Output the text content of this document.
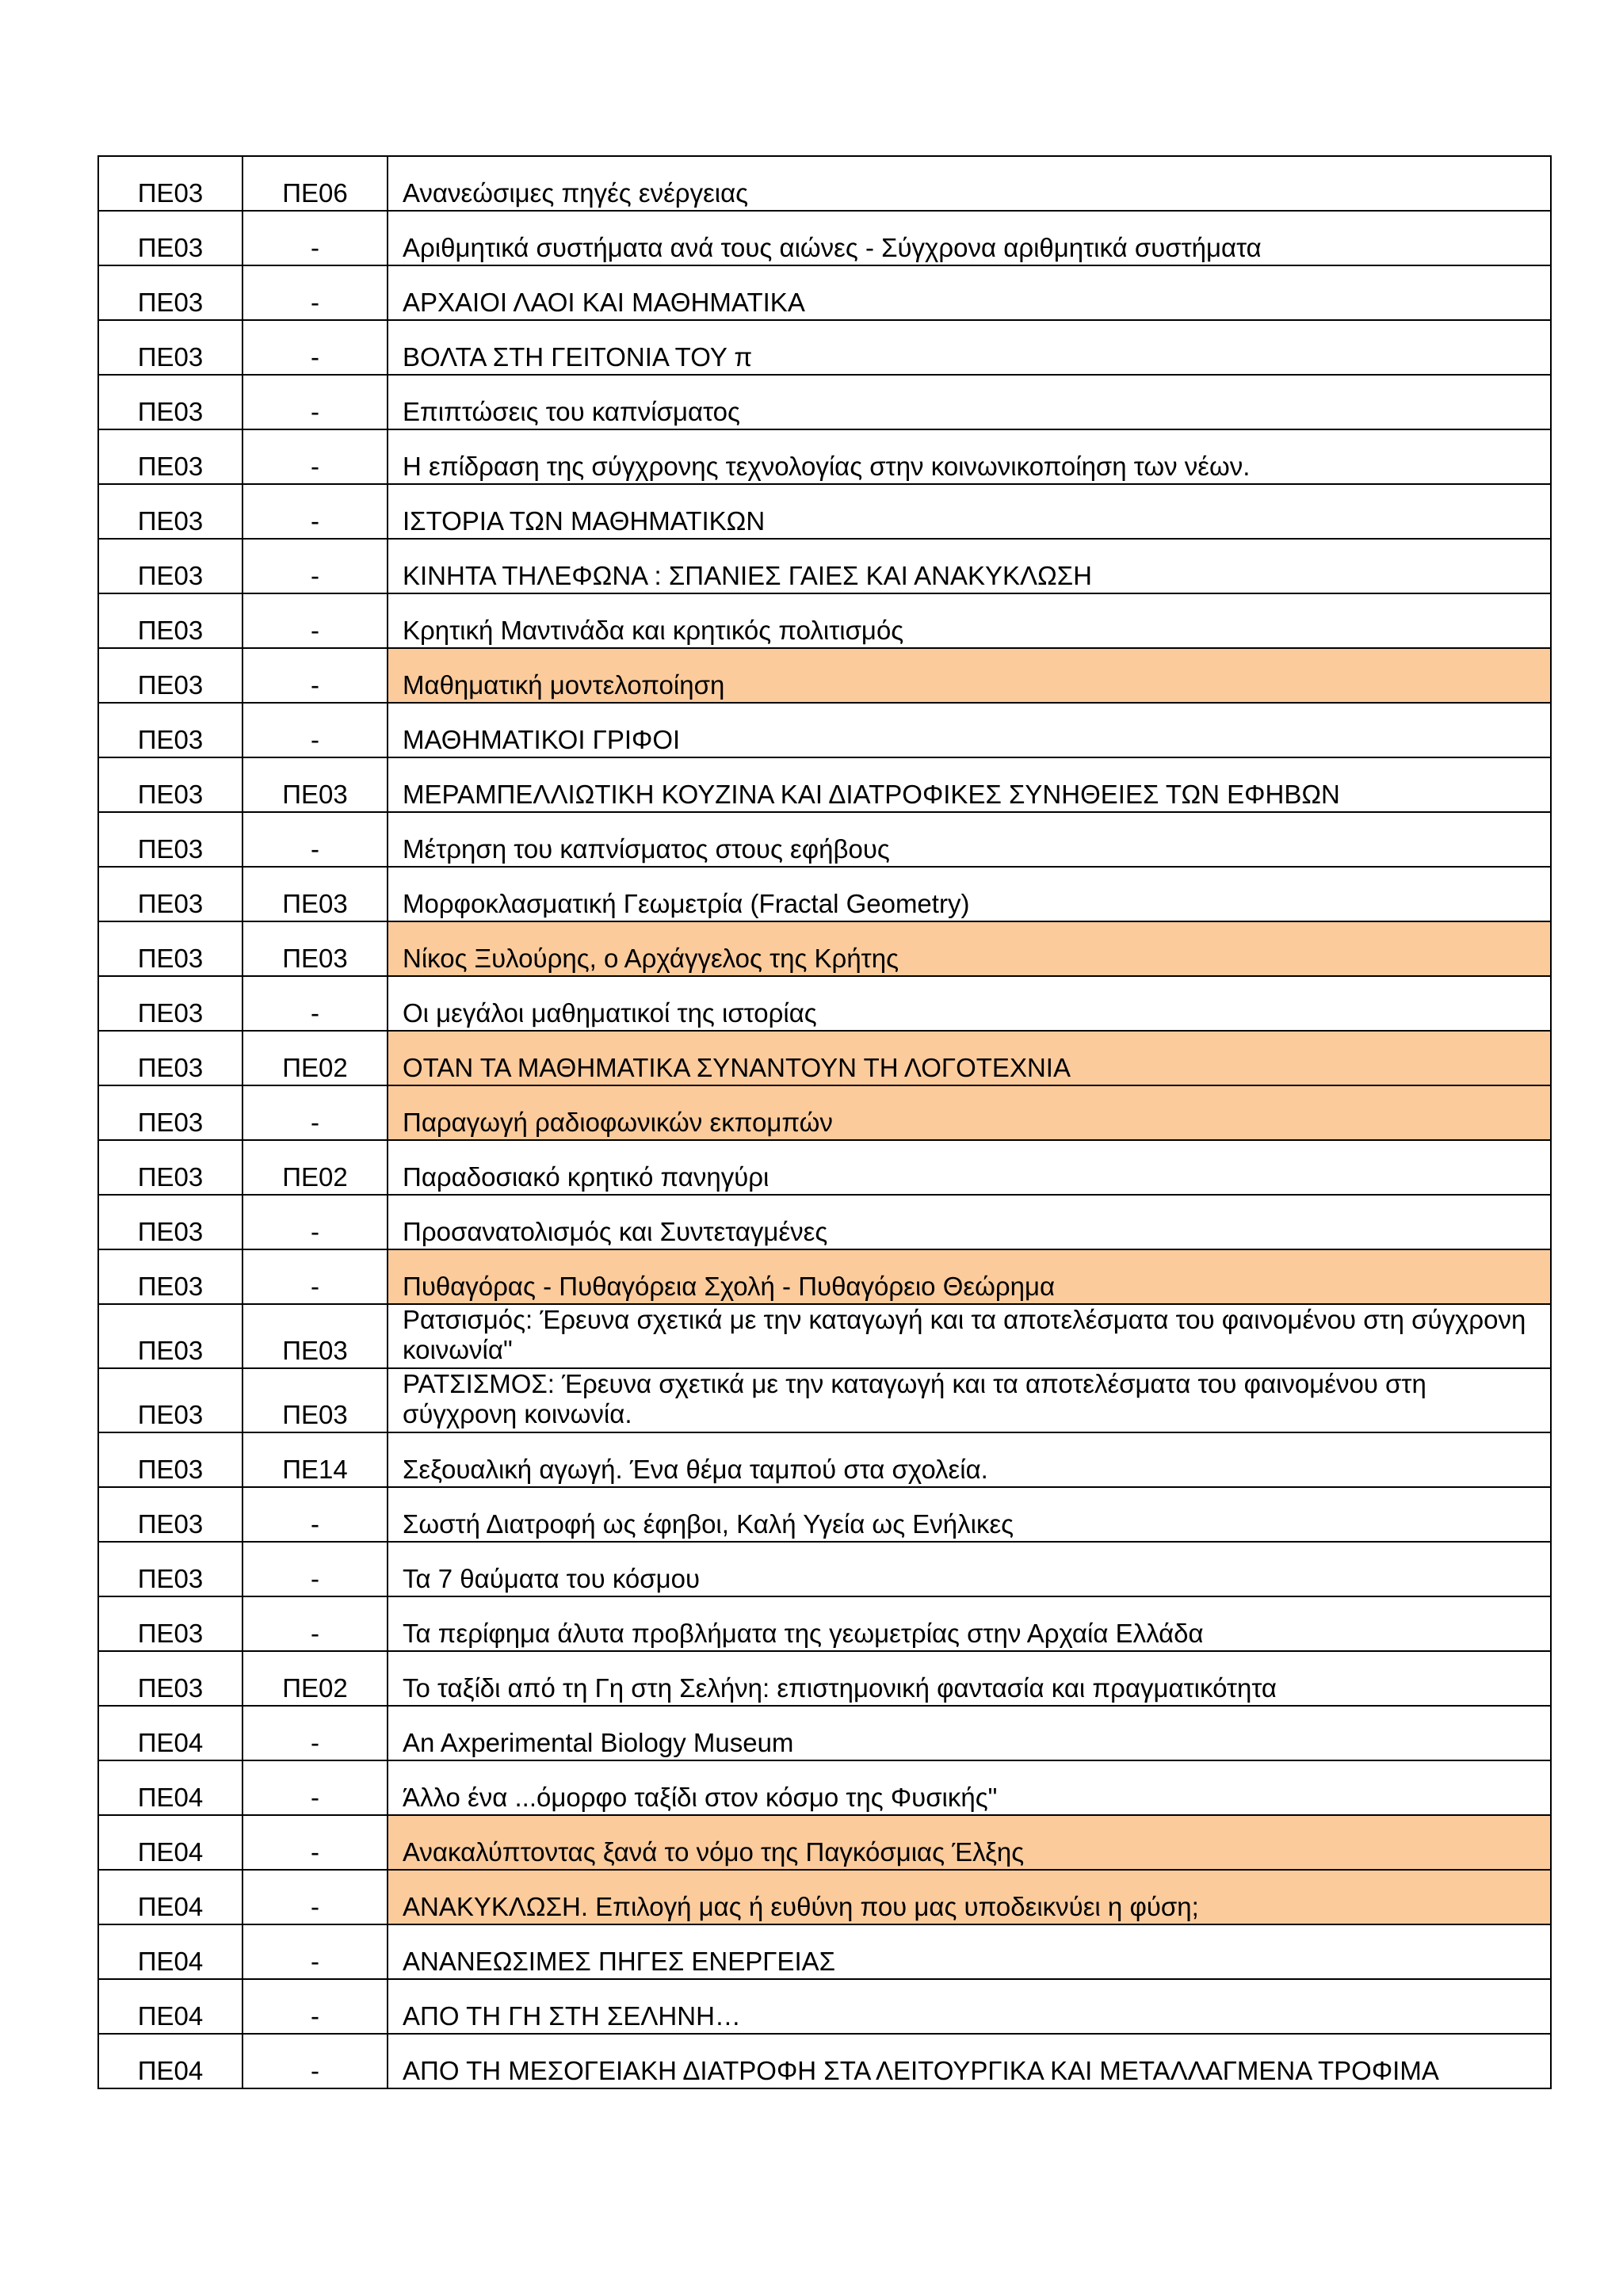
ΠΕ03	ΠΕ06	Ανανεώσιμες πηγές ενέργειας
ΠΕ03	-	Αριθμητικά συστήματα ανά τους αιώνες - Σύγχρονα αριθμητικά συστήματα
ΠΕ03	-	ΑΡΧΑΙΟΙ ΛΑΟΙ ΚΑΙ ΜΑΘΗΜΑΤΙΚΑ
ΠΕ03	-	ΒΟΛΤΑ ΣΤΗ ΓΕΙΤΟΝΙΑ ΤΟΥ π
ΠΕ03	-	Επιπτώσεις του καπνίσματος
ΠΕ03	-	Η επίδραση της σύγχρονης τεχνολογίας στην κοινωνικοποίηση των νέων.
ΠΕ03	-	ΙΣΤΟΡΙΑ ΤΩΝ ΜΑΘΗΜΑΤΙΚΩΝ
ΠΕ03	-	ΚΙΝΗΤΑ ΤΗΛΕΦΩΝΑ : ΣΠΑΝΙΕΣ ΓΑΙΕΣ ΚΑΙ ΑΝΑΚΥΚΛΩΣΗ
ΠΕ03	-	Κρητική Μαντινάδα και κρητικός πολιτισμός
ΠΕ03	-	Μαθηματική μοντελοποίηση
ΠΕ03	-	ΜΑΘΗΜΑΤΙΚΟΙ ΓΡΙΦΟΙ
ΠΕ03	ΠΕ03	ΜΕΡΑΜΠΕΛΛΙΩΤΙΚΗ ΚΟΥΖΙΝΑ ΚΑΙ ΔΙΑΤΡΟΦΙΚΕΣ ΣΥΝΗΘΕΙΕΣ ΤΩΝ ΕΦΗΒΩΝ
ΠΕ03	-	Μέτρηση του καπνίσματος στους εφήβους
ΠΕ03	ΠΕ03	Μορφοκλασματική Γεωμετρία (Fractal Geometry)
ΠΕ03	ΠΕ03	Νίκος Ξυλούρης, ο Αρχάγγελος της Κρήτης
ΠΕ03	-	Οι μεγάλοι μαθηματικοί της ιστορίας
ΠΕ03	ΠΕ02	ΟΤΑΝ ΤΑ ΜΑΘΗΜΑΤΙΚΑ ΣΥΝΑΝΤΟΥΝ ΤΗ ΛΟΓΟΤΕΧΝΙΑ
ΠΕ03	-	Παραγωγή ραδιοφωνικών εκπομπών
ΠΕ03	ΠΕ02	Παραδοσιακό κρητικό πανηγύρι
ΠΕ03	-	Προσανατολισμός και Συντεταγμένες
ΠΕ03	-	Πυθαγόρας - Πυθαγόρεια Σχολή - Πυθαγόρειο Θεώρημα
ΠΕ03	ΠΕ03	Ρατσισμός: Έρευνα σχετικά με την καταγωγή και τα αποτελέσματα του φαινομένου στη σύγχρονη κοινωνία"
ΠΕ03	ΠΕ03	ΡΑΤΣΙΣΜΟΣ: Έρευνα σχετικά με την καταγωγή και τα αποτελέσματα του φαινομένου στη σύγχρονη κοινωνία.
ΠΕ03	ΠΕ14	Σεξουαλική αγωγή. Ένα θέμα ταμπού στα σχολεία.
ΠΕ03	-	Σωστή Διατροφή ως έφηβοι, Καλή Υγεία ως Ενήλικες
ΠΕ03	-	Τα 7 θαύματα του κόσμου
ΠΕ03	-	Τα περίφημα άλυτα προβλήματα της γεωμετρίας στην Αρχαία Ελλάδα
ΠΕ03	ΠΕ02	Το ταξίδι από τη Γη στη Σελήνη: επιστημονική φαντασία και πραγματικότητα
ΠΕ04	-	An Axperimental Biology Museum
ΠΕ04	-	Άλλο ένα ...όμορφο ταξίδι στον κόσμο της Φυσικής"
ΠΕ04	-	Ανακαλύπτοντας ξανά το νόμο της Παγκόσμιας Έλξης
ΠΕ04	-	ΑΝΑΚΥΚΛΩΣΗ. Επιλογή μας ή ευθύνη που μας υποδεικνύει η φύση;
ΠΕ04	-	ΑΝΑΝΕΩΣΙΜΕΣ ΠΗΓΕΣ ΕΝΕΡΓΕΙΑΣ
ΠΕ04	-	ΑΠΟ ΤΗ ΓΗ ΣΤΗ ΣΕΛΗΝΗ…
ΠΕ04	-	ΑΠΟ ΤΗ ΜΕΣΟΓΕΙΑΚΗ ΔΙΑΤΡΟΦΗ ΣΤΑ ΛΕΙΤΟΥΡΓΙΚΑ ΚΑΙ ΜΕΤΑΛΛΑΓΜΕΝΑ ΤΡΟΦΙΜΑ
